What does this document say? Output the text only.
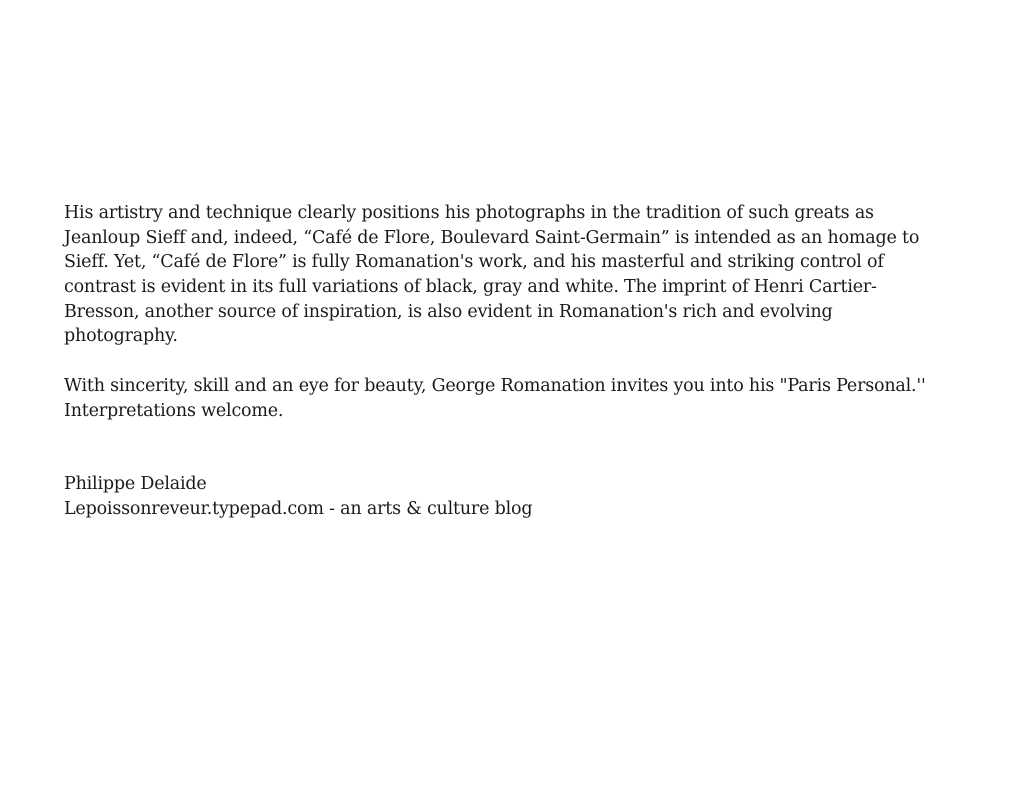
His artistry and technique clearly positions his photographs in the tradition of such greats as
Jeanloup Sieff and, indeed, “Café de Flore, Boulevard Saint-Germain” is intended as an homage to
Sieff. Yet, “Café de Flore” is fully Romanation's work, and his masterful and striking control of
contrast is evident in its full variations of black, gray and white. The imprint of Henri Cartier-
Bresson, another source of inspiration, is also evident in Romanation's rich and evolving
photography.
With sincerity, skill and an eye for beauty, George Romanation invites you into his "Paris Personal.''
Interpretations welcome.
Philippe Delaide
Lepoissonreveur.typepad.com - an arts & culture blog
